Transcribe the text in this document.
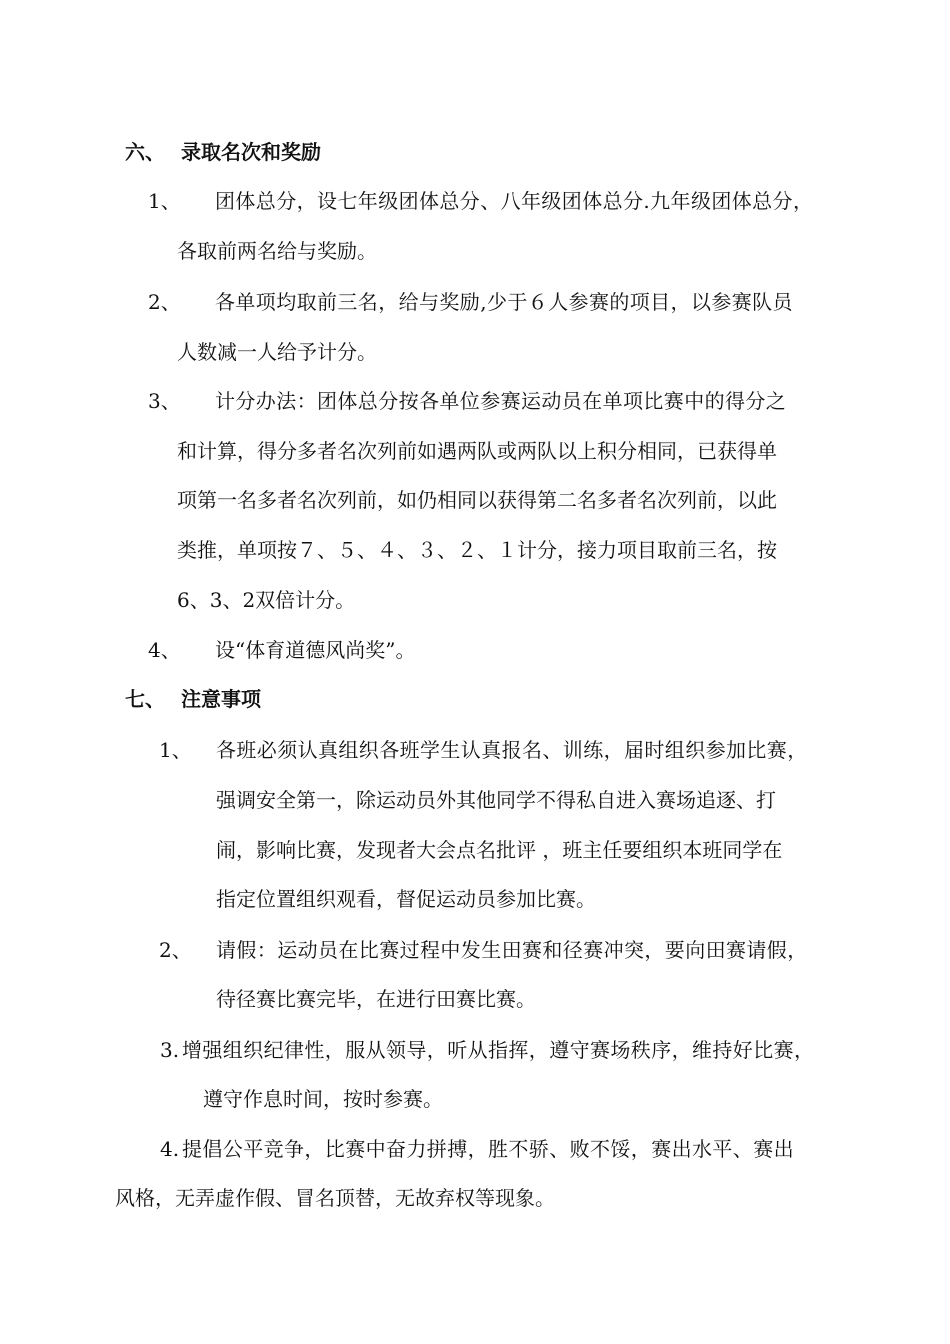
六、 录取名次和奖励
1、 团体总分，设七年级团体总分、八年级团体总分.九年级团体总分，
各取前两名给与奖励。
2、 各单项均取前三名，给与奖励,少于６人参赛的项目，以参赛队员
人数减一人给予计分。
3、 计分办法：团体总分按各单位参赛运动员在单项比赛中的得分之
和计算，得分多者名次列前如遇两队或两队以上积分相同，已获得单
项第一名多者名次列前，如仍相同以获得第二名多者名次列前，以此
类推，单项按７、５、４、３、２、１计分，接力项目取前三名，按
6、3、2双倍计分。
4、 设“体育道德风尚奖”。
七、 注意事项
1、 各班必须认真组织各班学生认真报名、训练，届时组织参加比赛，
强调安全第一，除运动员外其他同学不得私自进入赛场追逐、打
闹，影响比赛，发现者大会点名批评 ，班主任要组织本班同学在
指定位置组织观看，督促运动员参加比赛。
2、 请假：运动员在比赛过程中发生田赛和径赛冲突，要向田赛请假，
待径赛比赛完毕，在进行田赛比赛。
3. 增强组织纪律性，服从领导，听从指挥，遵守赛场秩序，维持好比赛，
遵守作息时间，按时参赛。
4. 提倡公平竞争，比赛中奋力拼搏，胜不骄、败不馁，赛出水平、赛出
风格，无弄虚作假、冒名顶替，无故弃权等现象。
